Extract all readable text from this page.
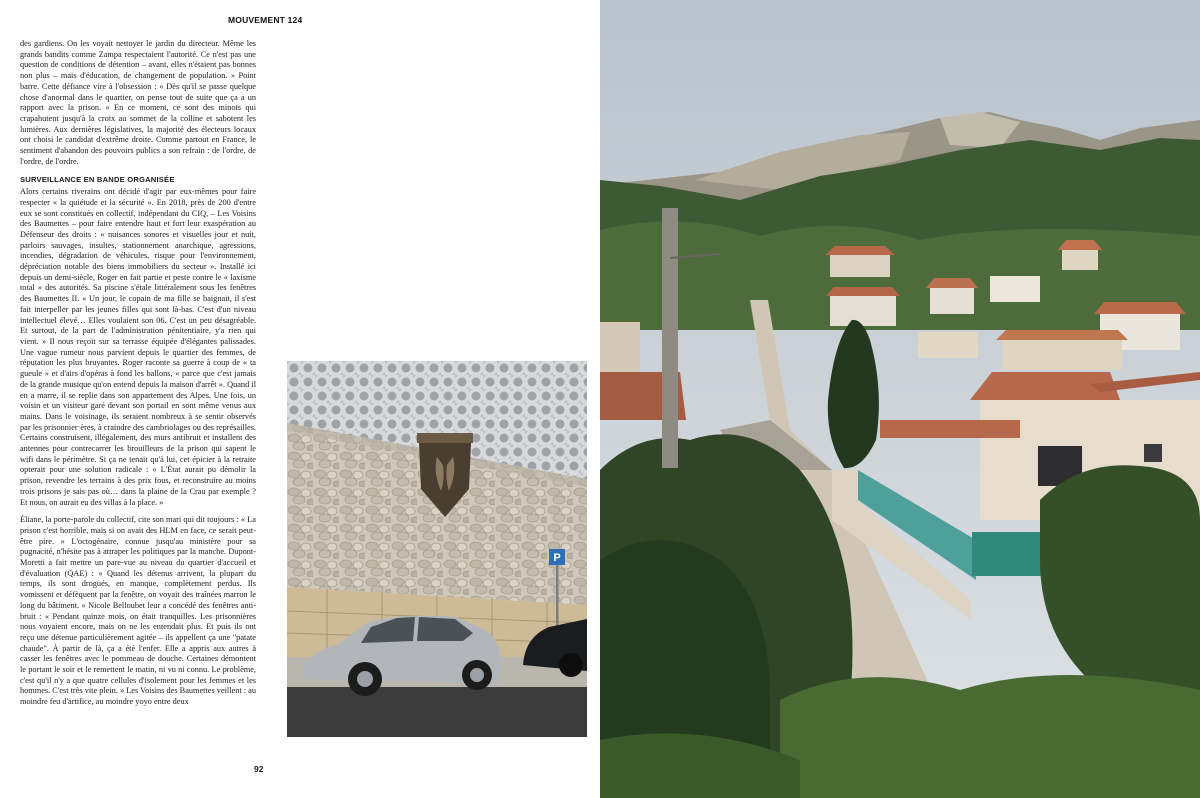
MOUVEMENT 124

des gardiens. On les voyait nettoyer le jardin du directeur. Même les grands bandits comme Zampa respectaient l'autorité. Ce n'est pas une question de conditions de détention – avant, elles n'étaient pas bonnes non plus – mais d'éducation, de changement de population. » Point barre. Cette défiance vire à l'obsession : « Dès qu'il se passe quelque chose d'anormal dans le quartier, on pense tout de suite que ça a un rapport avec la prison. » En ce moment, ce sont des minots qui crapahutent jusqu'à la croix au sommet de la colline et sabotent les lumières. Aux dernières législatives, la majorité des électeurs locaux ont choisi le candidat d'extrême droite. Comme partout en France, le sentiment d'abandon des pouvoirs publics a son refrain : de l'ordre, de l'ordre, de l'ordre.

SURVEILLANCE EN BANDE ORGANISÉE

Alors certains riverains ont décidé d'agir par eux-mêmes pour faire respecter « la quiétude et la sécurité ». En 2018, près de 200 d'entre eux se sont constitués en collectif, indépendant du CIQ, – Les Voisins des Baumettes – pour faire entendre haut et fort leur exaspération au Défenseur des droits : « nuisances sonores et visuelles jour et nuit, parloirs sauvages, insultes, stationnement anarchique, agressions, incendies, dégradation de véhicules, risque pour l'environnement, dépréciation notable des biens immobiliers du secteur ». Installé ici depuis un demi-siècle, Roger en fait partie et peste contre le « laxisme total » des autorités. Sa piscine s'étale littéralement sous les fenêtres des Baumettes II. « Un jour, le copain de ma fille se baignait, il s'est fait interpeller par les jeunes filles qui sont là-bas. C'est d'un niveau intellectuel élevé… Elles voulaient son 06. C'est un peu désagréable. Et surtout, de la part de l'administration pénitentiaire, y'a rien qui vient. » Il nous reçoit sur sa terrasse équipée d'élégantes palissades. Une vague rumeur nous parvient depuis le quartier des femmes, de réputation les plus bruyantes. Roger raconte sa guerre à coup de « ta gueule » et d'airs d'opéras à fond les ballons, « parce que c'est jamais de la grande musique qu'on entend depuis la maison d'arrêt ». Quand il en a marre, il se replie dans son appartement des Alpes. Une fois, un voisin et un visiteur garé devant son portail en sont même venus aux mains. Dans le voisinage, ils seraient nombreux à se sentir observés par les prisonnier·ères, à craindre des cambriolages ou des représailles. Certains construisent, illégalement, des murs antibruit et installent des antennes pour contrecarrer les brouilleurs de la prison qui sapent le wifi dans le périmètre. Si ça ne tenait qu'à lui, cet épicier à la retraite opterait pour une solution radicale : « L'État aurait pu démolir la prison, revendre les terrains à des prix fous, et reconstruire au moins trois prisons je sais pas où… dans la plaine de la Crau par exemple ? Et nous, on aurait eu des villas à la place. »

Éliane, la porte-parole du collectif, cite son mari qui dit toujours : « La prison c'est horrible, mais si on avait des HLM en face, ce serait peut-être pire. » L'octogénaire, connue jusqu'au ministère pour sa pugnacité, n'hésite pas à attraper les politiques par la manche. Dupont-Moretti a fait mettre un pare-vue au niveau du quartier d'accueil et d'évaluation (QAE) : « Quand les détenus arrivent, la plupart du temps, ils sont drogués, en manque, complètement perdus. Ils vomissent et défèquent par la fenêtre, on voyait des traînées marron le long du bâtiment. » Nicole Belloubet leur a concédé des fenêtres anti-bruit : « Pendant quinze mois, on était tranquilles. Les prisonnières nous voyaient encore, mais on ne les entendait plus. Et puis ils ont reçu une détenue particulièrement agitée – ils appellent ça une "patate chaude". À partir de là, ça a été l'enfer. Elle a appris aux autres à casser les fenêtres avec le pommeau de douche. Certaines démontent le portant le soir et le remettent le matin, ni vu ni connu. Le problème, c'est qu'il n'y a que quatre cellules d'isolement pour les femmes et les hommes. C'est très vite plein. » Les Voisins des Baumettes veillent : au moindre feu d'artifice, au moindre yoyo entre deux

92
P
